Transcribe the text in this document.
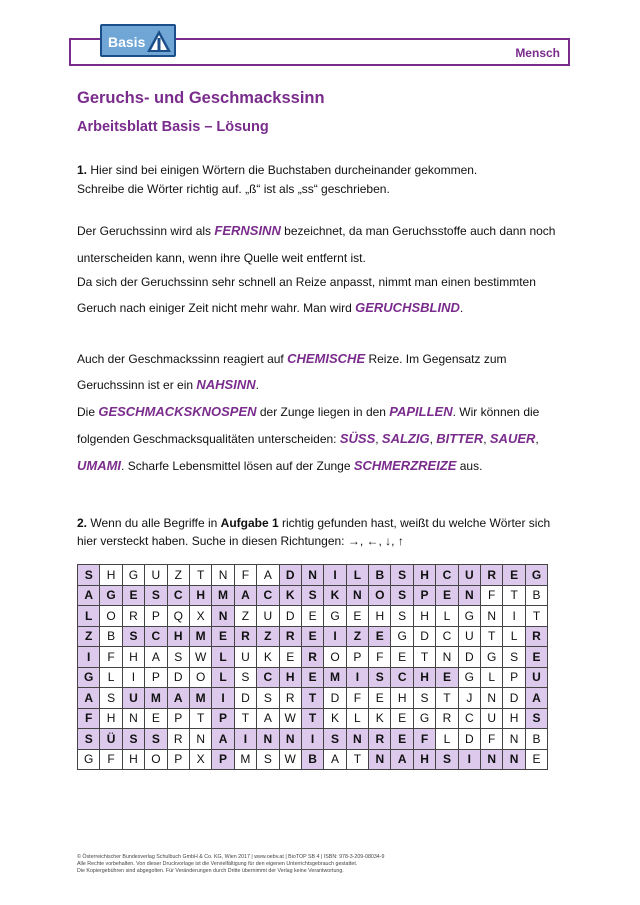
Mensch
Basis
Geruchs- und Geschmackssinn
Arbeitsblatt Basis – Lösung
1. Hier sind bei einigen Wörtern die Buchstaben durcheinander gekommen.
Schreibe die Wörter richtig auf. „ß“ ist als „ss“ geschrieben.
Der Geruchssinn wird als FERNSINN bezeichnet, da man Geruchsstoffe auch dann noch
unterscheiden kann, wenn ihre Quelle weit entfernt ist.
Da sich der Geruchssinn sehr schnell an Reize anpasst, nimmt man einen bestimmten
Geruch nach einiger Zeit nicht mehr wahr. Man wird GERUCHSBLIND.
Auch der Geschmackssinn reagiert auf CHEMISCHE Reize. Im Gegensatz zum
Geruchssinn ist er ein NAHSINN.
Die GESCHMACKSKNOSPEN der Zunge liegen in den PAPILLEN. Wir können die
folgenden Geschmacksqualitäten unterscheiden: SÜSS, SALZIG, BITTER, SAUER,
UMAMI. Scharfe Lebensmittel lösen auf der Zunge SCHMERZREIZE aus.
2. Wenn du alle Begriffe in Aufgabe 1 richtig gefunden hast, weißt du welche Wörter sich
hier versteckt haben. Suche in diesen Richtungen: →, ←, ↓, ↑
S	H	G	U	Z	T	N	F	A	D	N	I	L	B	S	H	C	U	R	E	G
A	G	E	S	C	H	M	A	C	K	S	K	N	O	S	P	E	N	F	T	B
L	O	R	P	Q	X	N	Z	U	D	E	G	E	H	S	H	L	G	N	I	T
Z	B	S	C	H	M	E	R	Z	R	E	I	Z	E	G	D	C	U	T	L	R
I	F	H	A	S	W	L	U	K	E	R	O	P	F	E	T	N	D	G	S	E
G	L	I	P	D	O	L	S	C	H	E	M	I	S	C	H	E	G	L	P	U
A	S	U	M	A	M	I	D	S	R	T	D	F	E	H	S	T	J	N	D	A
F	H	N	E	P	T	P	T	A	W	T	K	L	K	E	G	R	C	U	H	S
S	Ü	S	S	R	N	A	I	N	N	I	S	N	R	E	F	L	D	F	N	B
G	F	H	O	P	X	P	M	S	W	B	A	T	N	A	H	S	I	N	N	E
© Österreichischer Bundesverlag Schulbuch GmbH & Co. KG, Wien 2017 | www.oebv.at | BioTOP SB 4 | ISBN: 978-3-209-08034-9
Alle Rechte vorbehalten. Von dieser Druckvorlage ist die Vervielfältigung für den eigenen Unterrichtsgebrauch gestattet.
Die Kopiergebühren sind abgegolten. Für Veränderungen durch Dritte übernimmt der Verlag keine Verantwortung.
